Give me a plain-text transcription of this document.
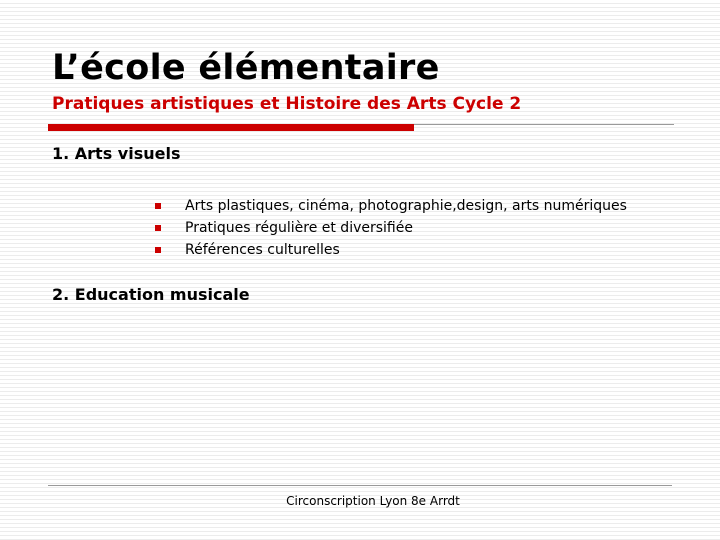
L’école élémentaire
Pratiques artistiques et Histoire des Arts Cycle 2
1. Arts visuels
Arts plastiques, cinéma, photographie,design, arts numériques
Pratiques régulière et diversifiée
Références culturelles
2. Education musicale
Circonscription Lyon 8e Arrdt
